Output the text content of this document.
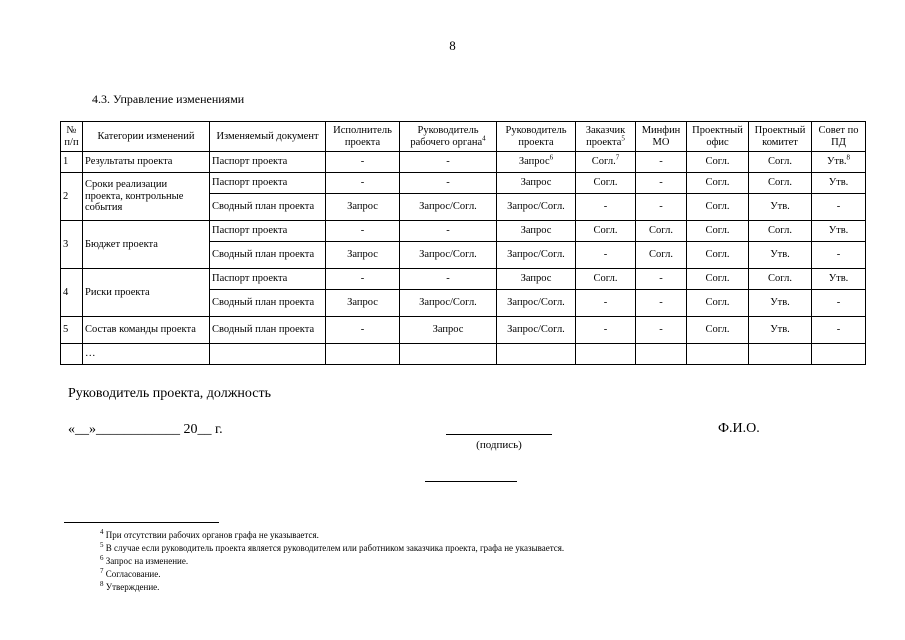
8
4.3. Управление изменениями
№ п/п	Категории изменений	Изменяемый документ	Исполнитель проекта	Руководитель рабочего органа$^4$	Руководитель проекта	Заказчик проекта$^5$	Минфин МО	Проектный офис	Проектный комитет	Совет по ПД
1	Результаты проекта	Паспорт проекта	-	-	Запрос$^6$	Согл.$^7$	-	Согл.	Согл.	Утв.$^8$
2	Сроки реализации проекта, контрольные события	Паспорт проекта	-	-	Запрос	Согл.	-	Согл.	Согл.	Утв.
		Сводный план проекта	Запрос	Запрос/Согл.	Запрос/Согл.	-	-	Согл.	Утв.	-
3	Бюджет проекта	Паспорт проекта	-	-	Запрос	Согл.	Согл.	Согл.	Согл.	Утв.
		Сводный план проекта	Запрос	Запрос/Согл.	Запрос/Согл.	-	Согл.	Согл.	Утв.	-
4	Риски проекта	Паспорт проекта	-	-	Запрос	Согл.	-	Согл.	Согл.	Утв.
		Сводный план проекта	Запрос	Запрос/Согл.	Запрос/Согл.	-	-	Согл.	Утв.	-
5	Состав команды проекта	Сводный план проекта	-	Запрос	Запрос/Согл.	-	-	Согл.	Утв.	-
	…									
Руководитель проекта, должность
«__»____________ 20__ г.
(подпись)
Ф.И.О.
$^4$ При отсутствии рабочих органов графа не указывается.
$^5$ В случае если руководитель проекта является руководителем или работником заказчика проекта, графа не указывается.
$^6$ Запрос на изменение.
$^7$ Согласование.
$^8$ Утверждение.
